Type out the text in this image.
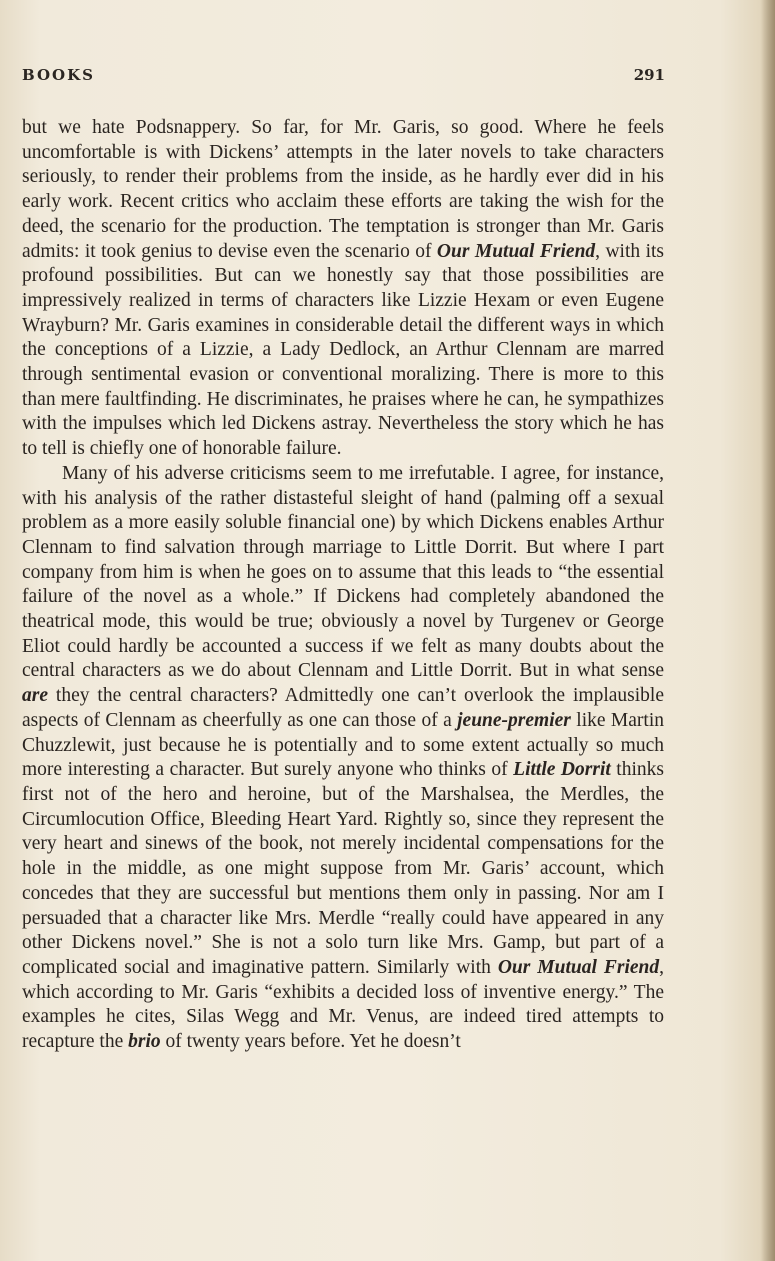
BOOKS	291

but we hate Podsnappery. So far, for Mr. Garis, so good. Where he feels uncomfortable is with Dickens’ attempts in the later novels to take characters seriously, to render their problems from the inside, as he hardly ever did in his early work. Recent critics who acclaim these efforts are taking the wish for the deed, the scenario for the production. The temptation is stronger than Mr. Garis admits: it took genius to devise even the scenario of Our Mutual Friend, with its profound possibilities. But can we honestly say that those possibilities are impressively realized in terms of characters like Lizzie Hexam or even Eugene Wrayburn? Mr. Garis examines in considerable detail the different ways in which the conceptions of a Lizzie, a Lady Dedlock, an Arthur Clennam are marred through sentimental evasion or conventional moralizing. There is more to this than mere faultfinding. He discriminates, he praises where he can, he sympathizes with the impulses which led Dickens astray. Nevertheless the story which he has to tell is chiefly one of honorable failure.

Many of his adverse criticisms seem to me irrefutable. I agree, for instance, with his analysis of the rather distasteful sleight of hand (palming off a sexual problem as a more easily soluble financial one) by which Dickens enables Arthur Clennam to find salvation through marriage to Little Dorrit. But where I part company from him is when he goes on to assume that this leads to “the essential failure of the novel as a whole.” If Dickens had completely abandoned the theatrical mode, this would be true; obviously a novel by Turgenev or George Eliot could hardly be accounted a success if we felt as many doubts about the central characters as we do about Clennam and Little Dorrit. But in what sense are they the central characters? Admittedly one can’t overlook the implausible aspects of Clennam as cheerfully as one can those of a jeune-premier like Martin Chuzzlewit, just because he is potentially and to some extent actually so much more interesting a character. But surely anyone who thinks of Little Dorrit thinks first not of the hero and heroine, but of the Marshalsea, the Merdles, the Circumlocution Office, Bleeding Heart Yard. Rightly so, since they represent the very heart and sinews of the book, not merely incidental compensations for the hole in the middle, as one might suppose from Mr. Garis’ account, which concedes that they are successful but mentions them only in passing. Nor am I persuaded that a character like Mrs. Merdle “really could have appeared in any other Dickens novel.” She is not a solo turn like Mrs. Gamp, but part of a complicated social and imaginative pattern. Similarly with Our Mutual Friend, which according to Mr. Garis “exhibits a decided loss of inventive energy.” The examples he cites, Silas Wegg and Mr. Venus, are indeed tired attempts to recapture the brio of twenty years before. Yet he doesn’t
